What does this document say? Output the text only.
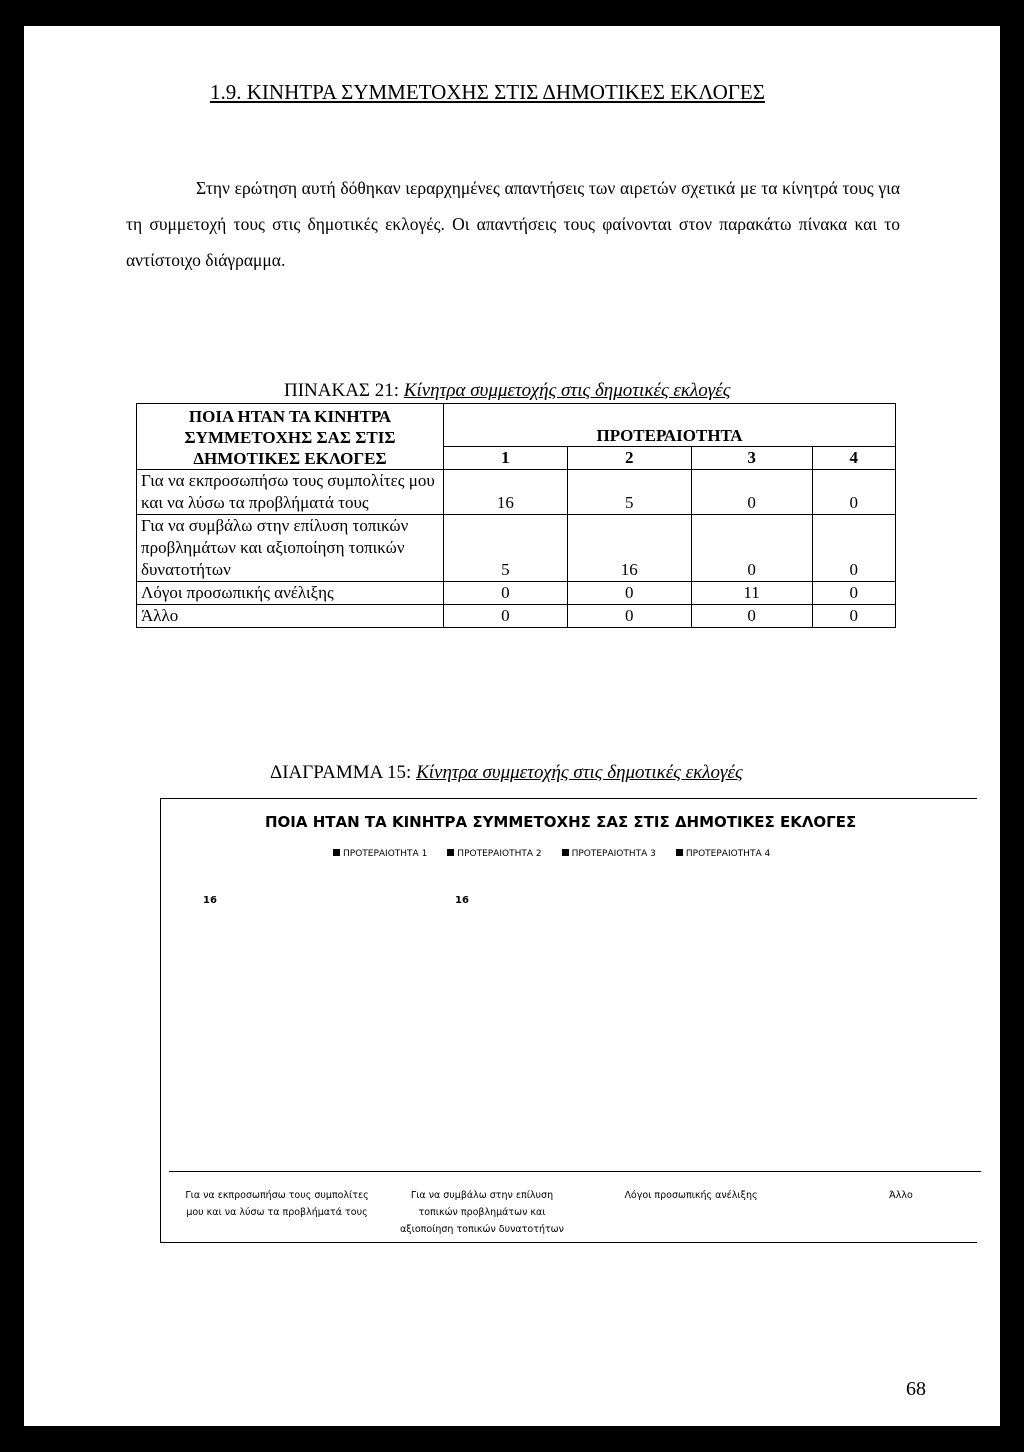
1.9. ΚΙΝΗΤΡΑ ΣΥΜΜΕΤΟΧΗΣ ΣΤΙΣ ΔΗΜΟΤΙΚΕΣ ΕΚΛΟΓΕΣ

Στην ερώτηση αυτή δόθηκαν ιεραρχημένες απαντήσεις των αιρετών σχετικά με τα κίνητρά τους για τη συμμετοχή τους στις δημοτικές εκλογές. Οι απαντήσεις τους φαίνονται στον παρακάτω πίνακα και το αντίστοιχο διάγραμμα.

ΠΙΝΑΚΑΣ 21: Κίνητρα συμμετοχής στις δημοτικές εκλογές
ΠΟΙΑ ΗΤΑΝ ΤΑ ΚΙΝΗΤΡΑ ΣΥΜΜΕΤΟΧΗΣ ΣΑΣ ΣΤΙΣ ΔΗΜΟΤΙΚΕΣ ΕΚΛΟΓΕΣ	ΠΡΟΤΕΡΑΙΟΤΗΤΑ			
	1	2	3	4
Για να εκπροσωπήσω τους συμπολίτες μου και να λύσω τα προβλήματά τους	16	5	0	0
Για να συμβάλω στην επίλυση τοπικών προβλημάτων και αξιοποίηση τοπικών δυνατοτήτων	5	16	0	0
Λόγοι προσωπικής ανέλιξης	0	0	11	0
Άλλο	0	0	0	0
ΔΙΑΓΡΑΜΜΑ 15: Κίνητρα συμμετοχής στις δημοτικές εκλογές
ΠΟΙΑ ΗΤΑΝ ΤΑ ΚΙΝΗΤΡΑ ΣΥΜΜΕΤΟΧΗΣ ΣΑΣ ΣΤΙΣ ΔΗΜΟΤΙΚΕΣ ΕΚΛΟΓΕΣ
ΠΡΟΤΕΡΑΙΟΤΗΤΑ 1	ΠΡΟΤΕΡΑΙΟΤΗΤΑ 2	ΠΡΟΤΕΡΑΙΟΤΗΤΑ 3	ΠΡΟΤΕΡΑΙΟΤΗΤΑ 4
16	16
Για να εκπροσωπήσω τους συμπολίτες
μου και να λύσω τα προβλήματά τους
Για να συμβάλω στην επίλυση
τοπικών προβλημάτων και
αξιοποίηση τοπικών δυνατοτήτων
Λόγοι προσωπικής ανέλιξης	Άλλο
68
